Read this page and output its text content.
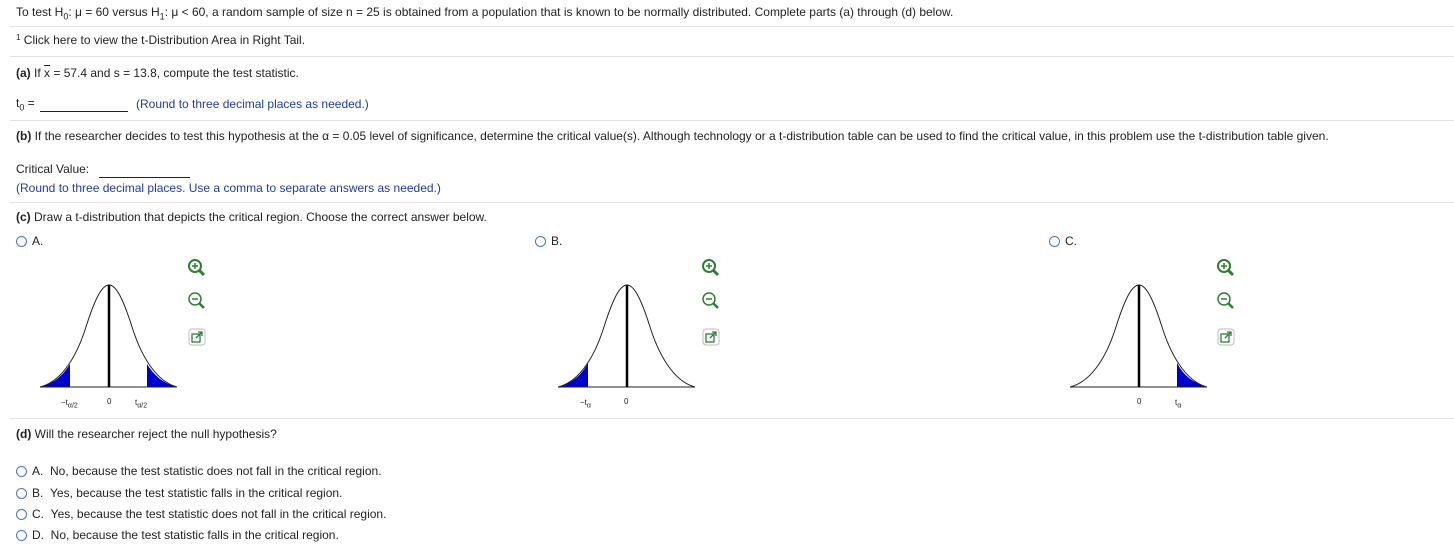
To test $H_0$: μ = 60 versus $H_1$: μ < 60, a random sample of size n = 25 is obtained from a population that is known to be normally distributed. Complete parts (a) through (d) below.
$^1$ Click here to view the t-Distribution Area in Right Tail.
(a) If $\overline{x} = 57.4$ and s = 13.8, compute the test statistic.
$t_0$ =	(Round to three decimal places as needed.)
(b) If the researcher decides to test this hypothesis at the α = 0.05 level of significance, determine the critical value(s). Although technology or a t-distribution table can be used to find the critical value, in this problem use the t-distribution table given.
Critical Value:
(Round to three decimal places. Use a comma to separate answers as needed.)
(c) Draw a t-distribution that depicts the critical region. Choose the correct answer below.
A.
$-t_{\alpha/2}$
0	$t_{\alpha/2}$
B.
$-t_\alpha$
0
C.
0	$t_\alpha$
(d) Will the researcher reject the null hypothesis?
A. No, because the test statistic does not fall in the critical region.
B. Yes, because the test statistic falls in the critical region.
C. Yes, because the test statistic does not fall in the critical region.
D. No, because the test statistic falls in the critical region.
